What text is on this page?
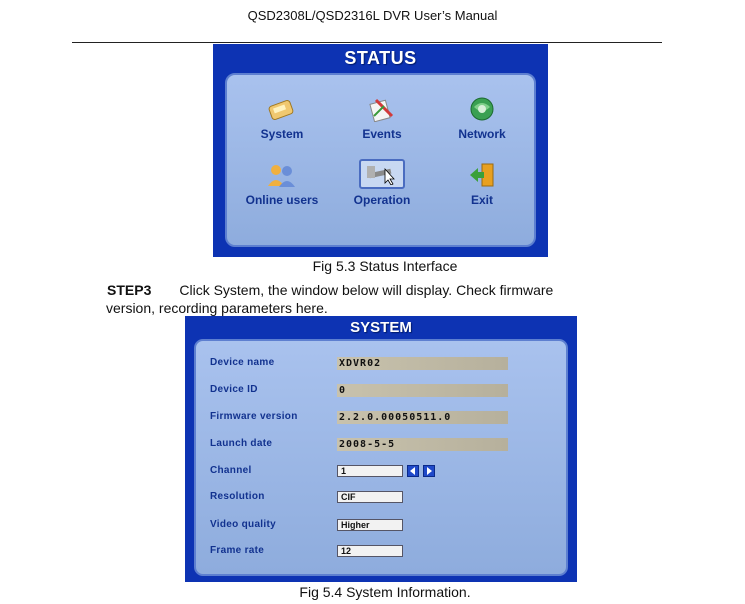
QSD2308L/QSD2316L DVR User’s Manual
STATUS
System	Events	Network
Online users	Operation	Exit
Fig 5.3 Status Interface
STEP3 Click System, the window below will display. Check firmware
version, recording parameters here.
SYSTEM
Device name	XDVR02
Device ID	0
Firmware version	2.2.0.00050511.0
Launch date	2008-5-5
Channel	1
Resolution	CIF
Video quality	Higher
Frame rate	12
Fig 5.4 System Information.
